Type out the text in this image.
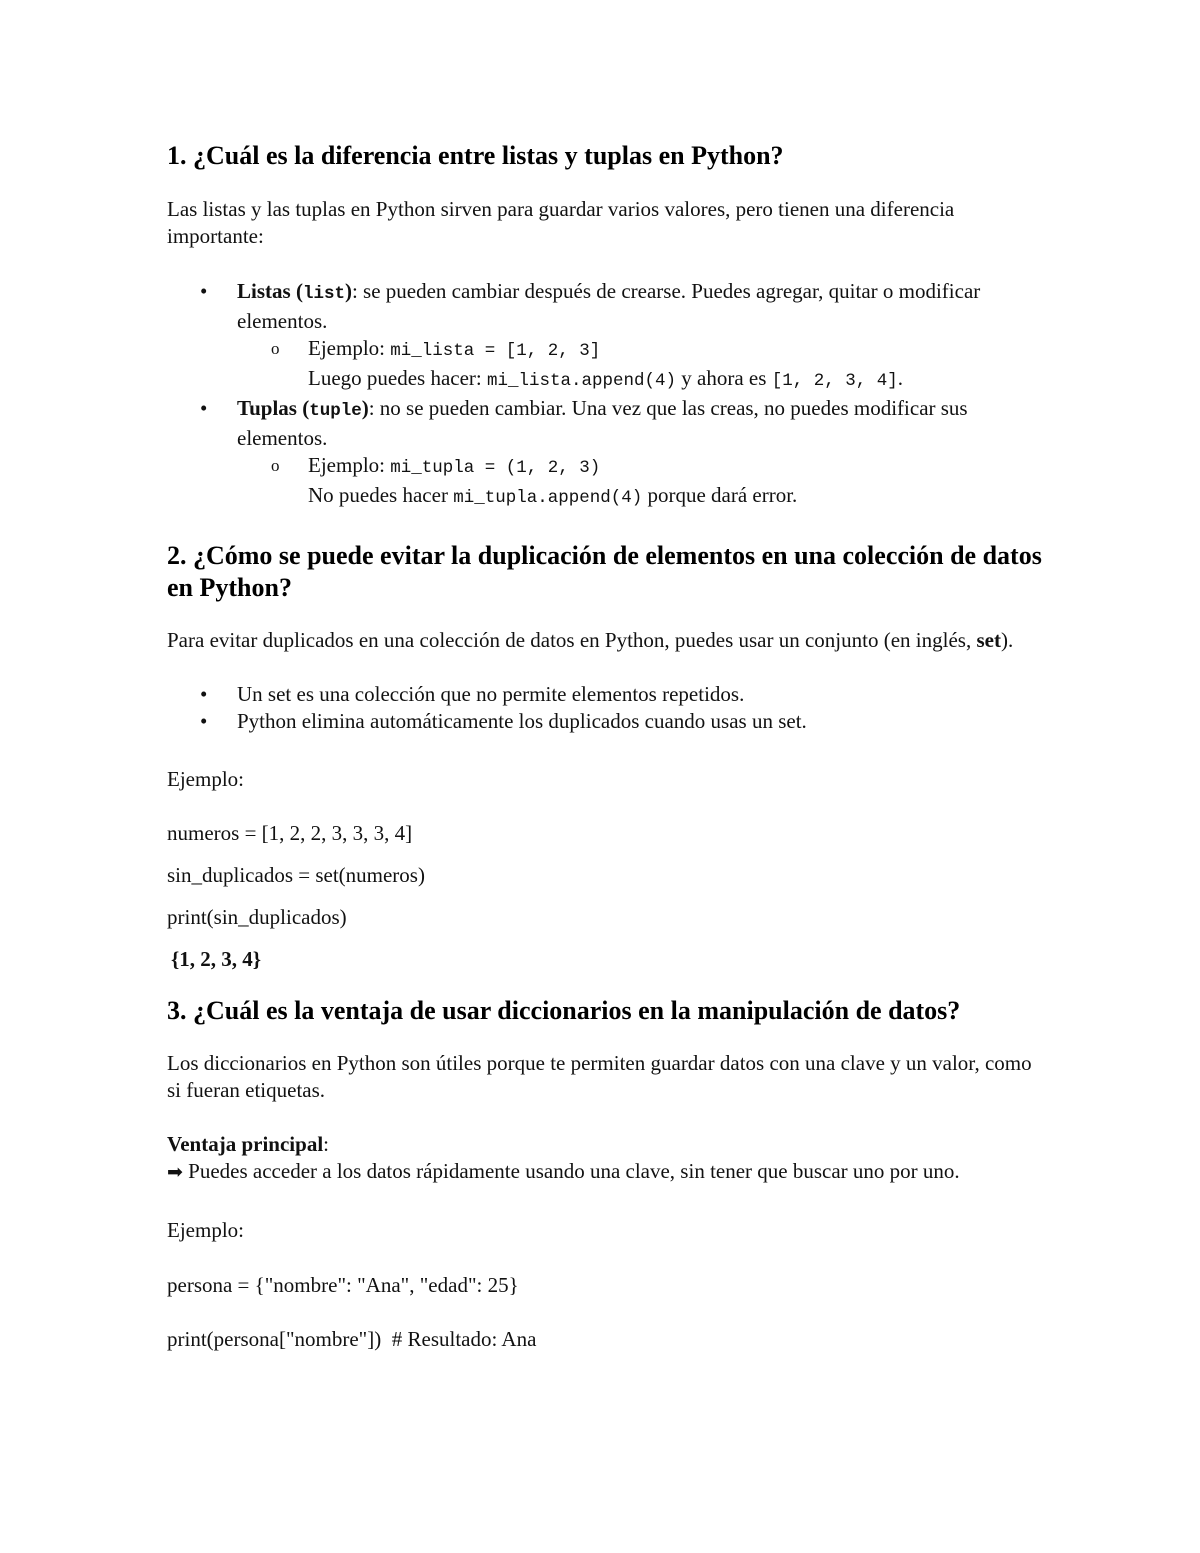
1. ¿Cuál es la diferencia entre listas y tuplas en Python?

Las listas y las tuplas en Python sirven para guardar varios valores, pero tienen una diferencia importante:

• Listas (list): se pueden cambiar después de crearse. Puedes agregar, quitar o modificar elementos.
o Ejemplo: mi_lista = [1, 2, 3]
Luego puedes hacer: mi_lista.append(4) y ahora es [1, 2, 3, 4].
• Tuplas (tuple): no se pueden cambiar. Una vez que las creas, no puedes modificar sus elementos.
o Ejemplo: mi_tupla = (1, 2, 3)
No puedes hacer mi_tupla.append(4) porque dará error.
2. ¿Cómo se puede evitar la duplicación de elementos en una colección de datos en Python?

Para evitar duplicados en una colección de datos en Python, puedes usar un conjunto (en inglés, set).

• Un set es una colección que no permite elementos repetidos.
• Python elimina automáticamente los duplicados cuando usas un set.

Ejemplo:

numeros = [1, 2, 2, 3, 3, 3, 4]

sin_duplicados = set(numeros)

print(sin_duplicados)

{1, 2, 3, 4}

3. ¿Cuál es la ventaja de usar diccionarios en la manipulación de datos?

Los diccionarios en Python son útiles porque te permiten guardar datos con una clave y un valor, como si fueran etiquetas.

Ventaja principal:
➡ Puedes acceder a los datos rápidamente usando una clave, sin tener que buscar uno por uno.

Ejemplo:

persona = {"nombre": "Ana", "edad": 25}

print(persona["nombre"])  # Resultado: Ana
